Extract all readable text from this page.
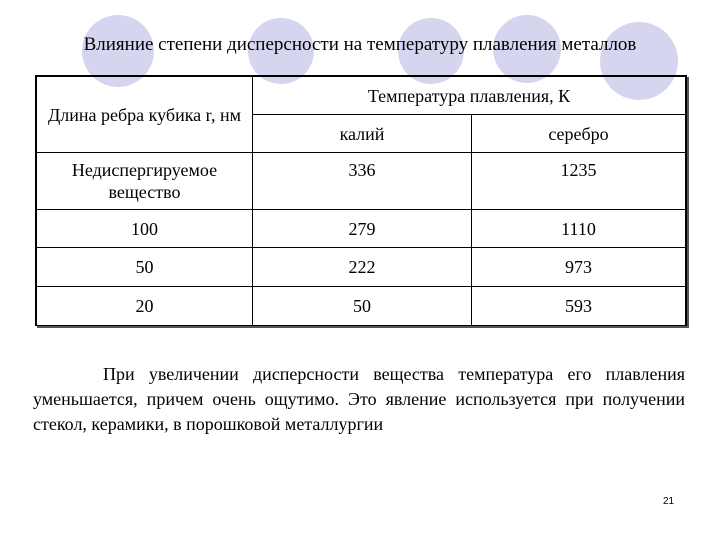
Влияние степени дисперсности на температуру плавления металлов
Длина ребра кубика r, нм	Температура плавления, К	
	калий	серебро
Недиспергируемое вещество	336	1235
100	279	1110
50	222	973
20	50	593
При увеличении дисперсности вещества температура его плавления уменьшается, причем очень ощутимо. Это явление используется при получении стекол, керамики, в порошковой металлургии
21
